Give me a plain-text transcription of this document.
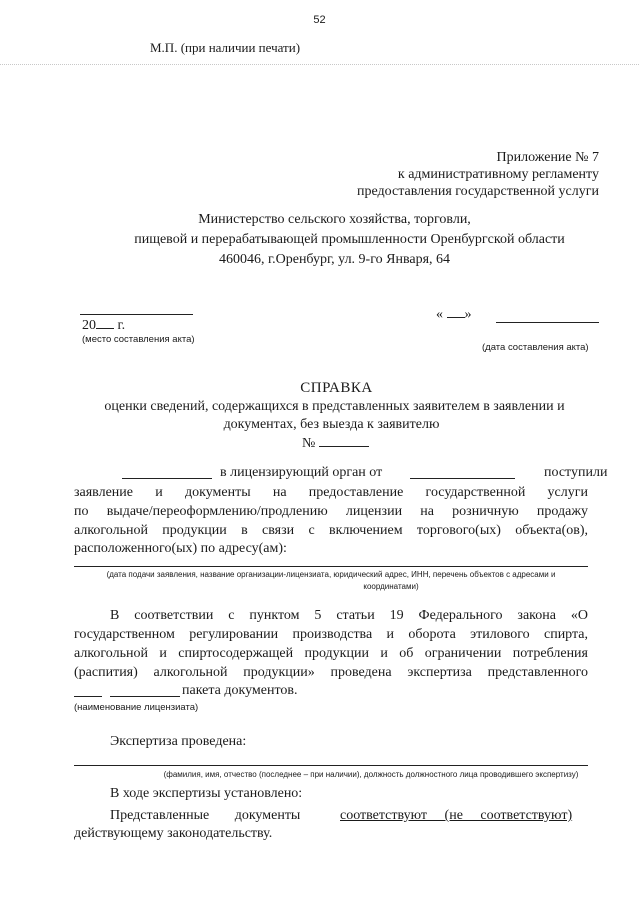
52
М.П. (при наличии печати)
Приложение № 7
к административному регламенту
предоставления государственной услуги
Министерство сельского хозяйства, торговли,
пищевой и перерабатывающей промышленности Оренбургской области
460046, г.Оренбург, ул. 9-го Января, 64
20 г.
(место составления акта)
« »
(дата составления акта)
СПРАВКА
оценки сведений, содержащихся в представленных заявителем в заявлении и
документах, без выезда к заявителю
№
в лицензирующий орган от	поступили
заявление и документы на предоставление государственной услуги
по выдаче/переоформлению/продлению лицензии на розничную продажу
алкогольной продукции в связи с включением торгового(ых) объекта(ов),
расположенного(ых) по адресу(ам):
(дата подачи заявления, название организации-лицензиата, юридический адрес, ИНН, перечень объектов с адресами и
координатами)
В соответствии с пунктом 5 статьи 19 Федерального закона «О
государственном регулировании производства и оборота этилового спирта,
алкогольной и спиртосодержащей продукции и об ограничении потребления
(распития) алкогольной продукции» проведена экспертиза представленного
пакета документов.
(наименование лицензиата)
Экспертиза проведена:
(фамилия, имя, отчество (последнее – при наличии), должность должностного лица проводившего экспертизу)
В ходе экспертизы установлено:
Представленные документы	соответствуют (не соответствуют)
действующему законодательству.
